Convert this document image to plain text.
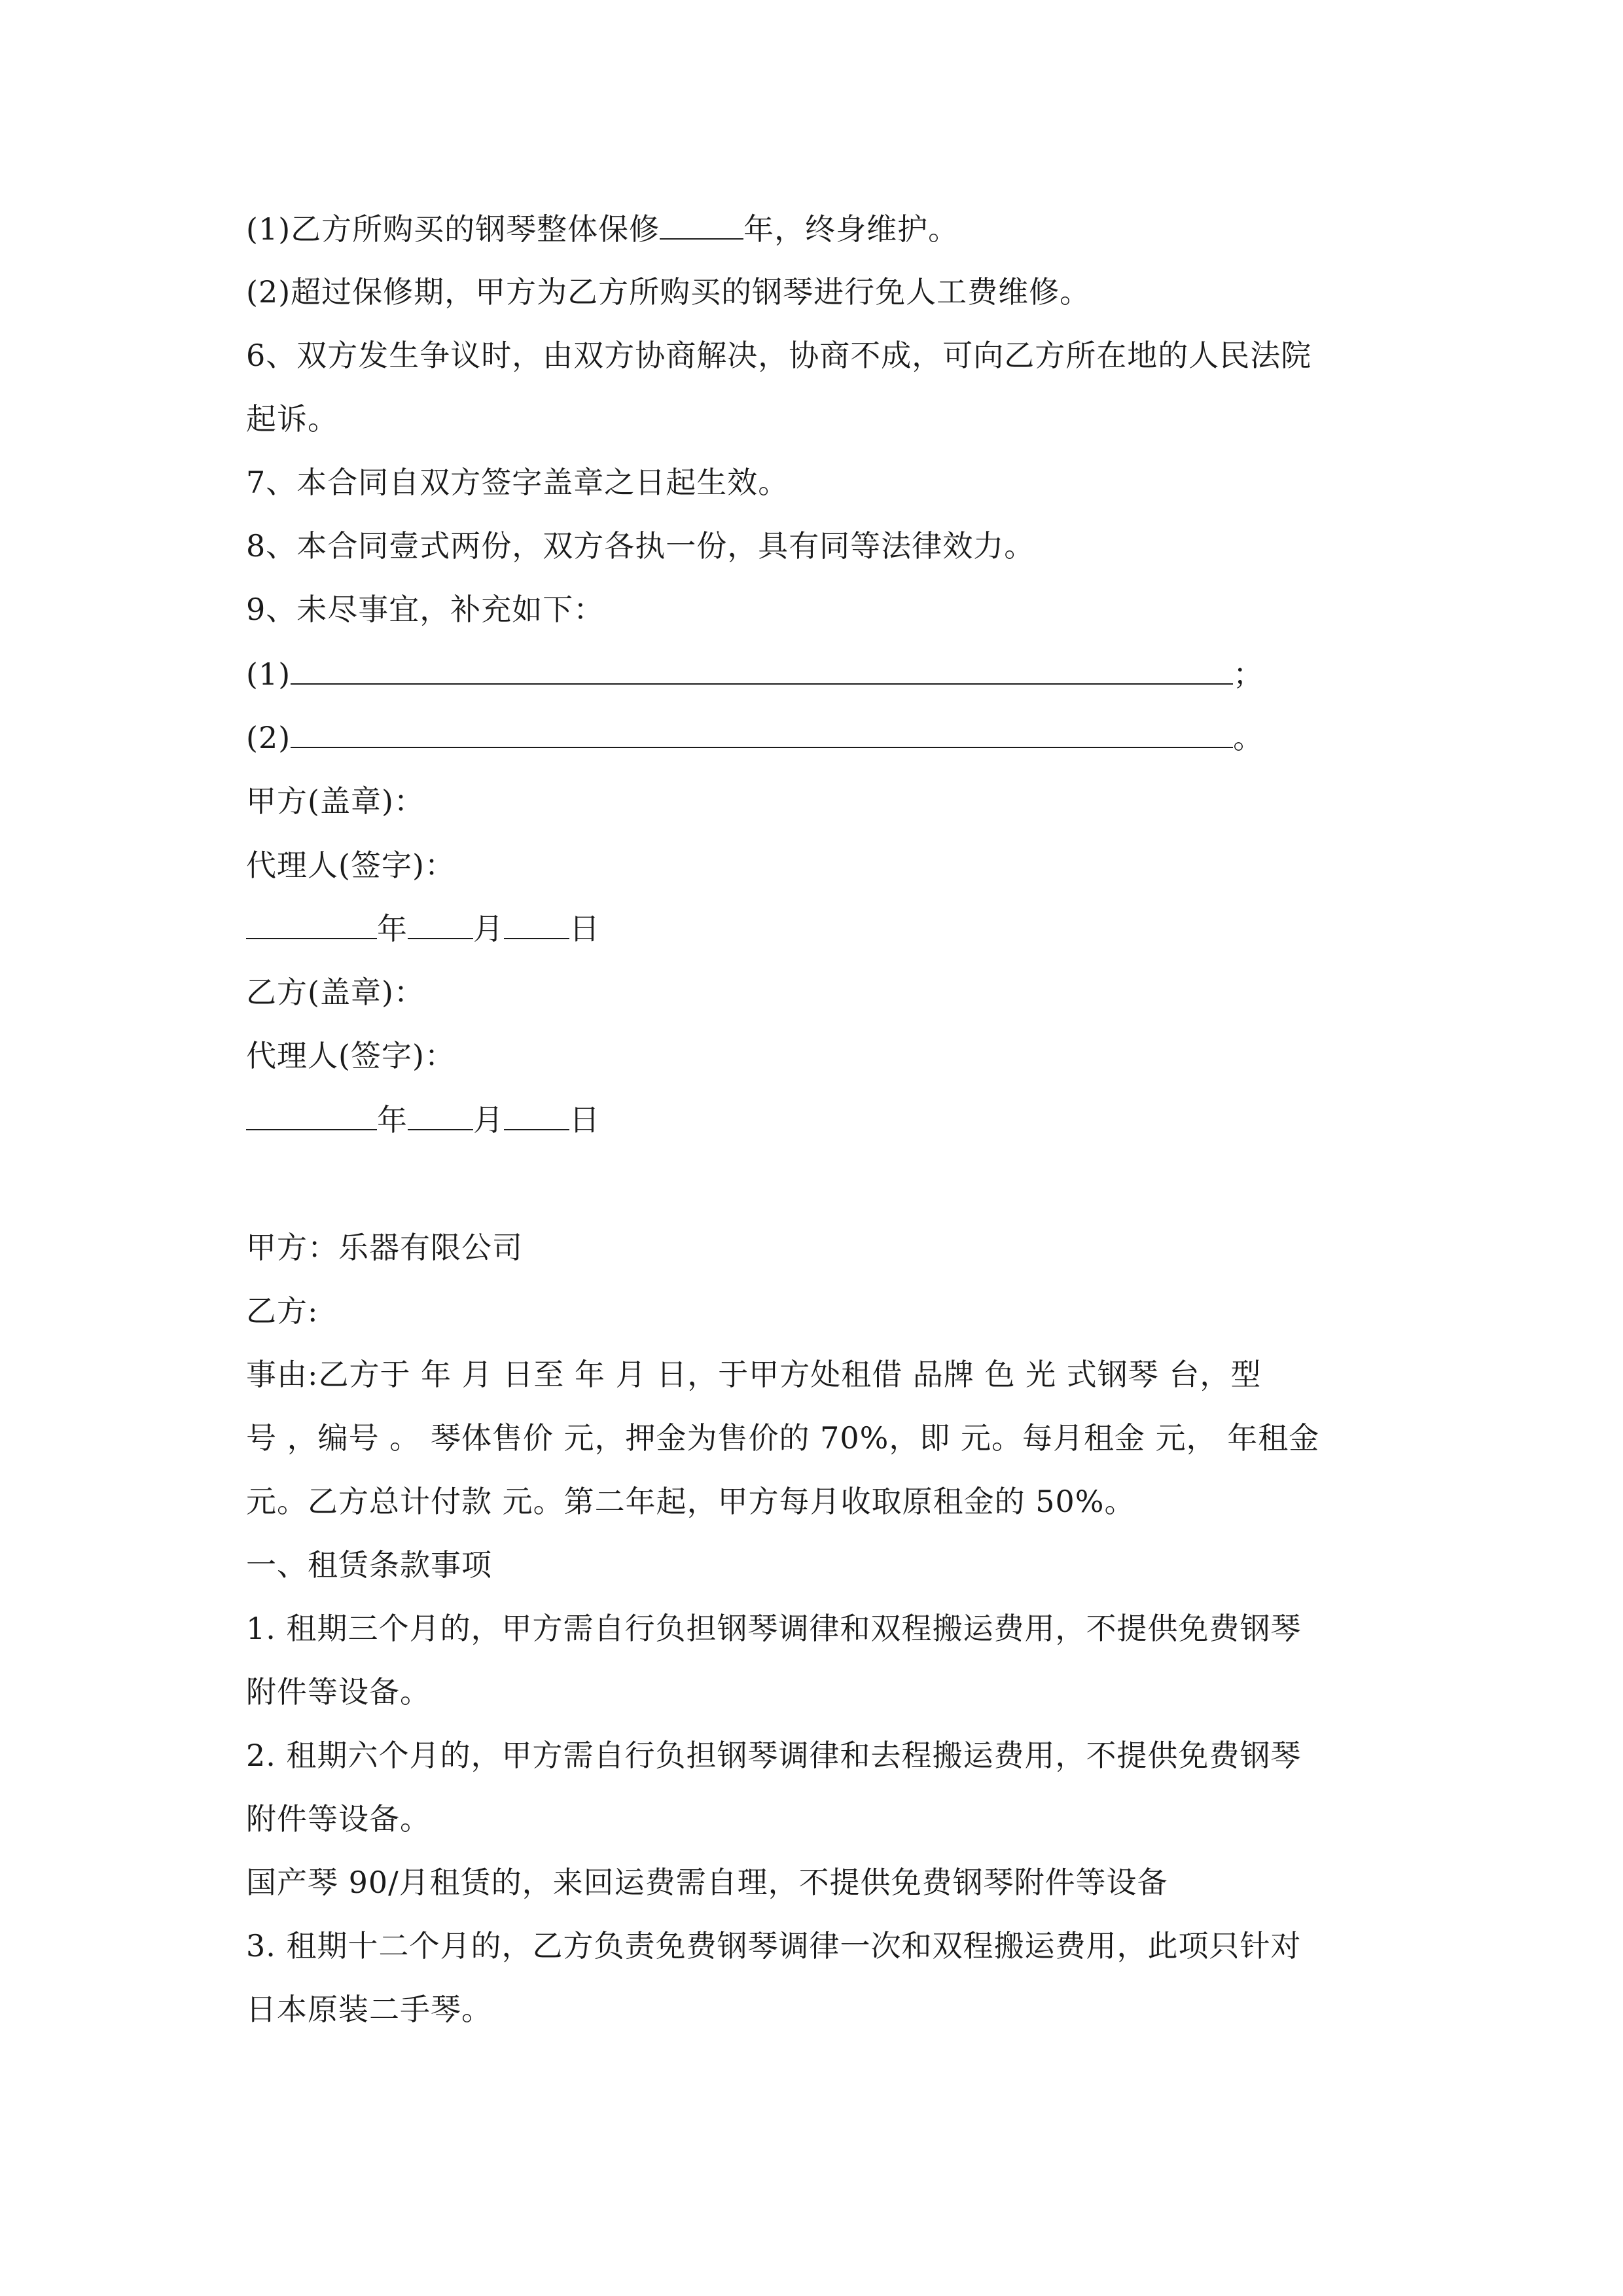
(1)乙方所购买的钢琴整体保修	年，终身维护。
(2)超过保修期，甲方为乙方所购买的钢琴进行免人工费维修。
6、双方发生争议时，由双方协商解决，协商不成，可向乙方所在地的人民法院
起诉。
7、本合同自双方签字盖章之日起生效。
8、本合同壹式两份，双方各执一份，具有同等法律效力。
9、未尽事宜，补充如下：
(1)	；
(2)	。
甲方(盖章)：
代理人(签字)：
年 月 日
乙方(盖章)：
代理人(签字)：
年 月 日
甲方：乐器有限公司
乙方:
事由:乙方于 年 月 日至 年 月 日，于甲方处租借 品牌 色 光 式钢琴 台，型
号 ，编号 。 琴体售价 元，押金为售价的 70%，即 元。每月租金 元， 年租金
元。乙方总计付款 元。第二年起，甲方每月收取原租金的 50%。
一、租赁条款事项
1. 租期三个月的，甲方需自行负担钢琴调律和双程搬运费用，不提供免费钢琴
附件等设备。
2. 租期六个月的，甲方需自行负担钢琴调律和去程搬运费用，不提供免费钢琴
附件等设备。
国产琴 90/月租赁的，来回运费需自理，不提供免费钢琴附件等设备
3. 租期十二个月的，乙方负责免费钢琴调律一次和双程搬运费用，此项只针对
日本原装二手琴。
